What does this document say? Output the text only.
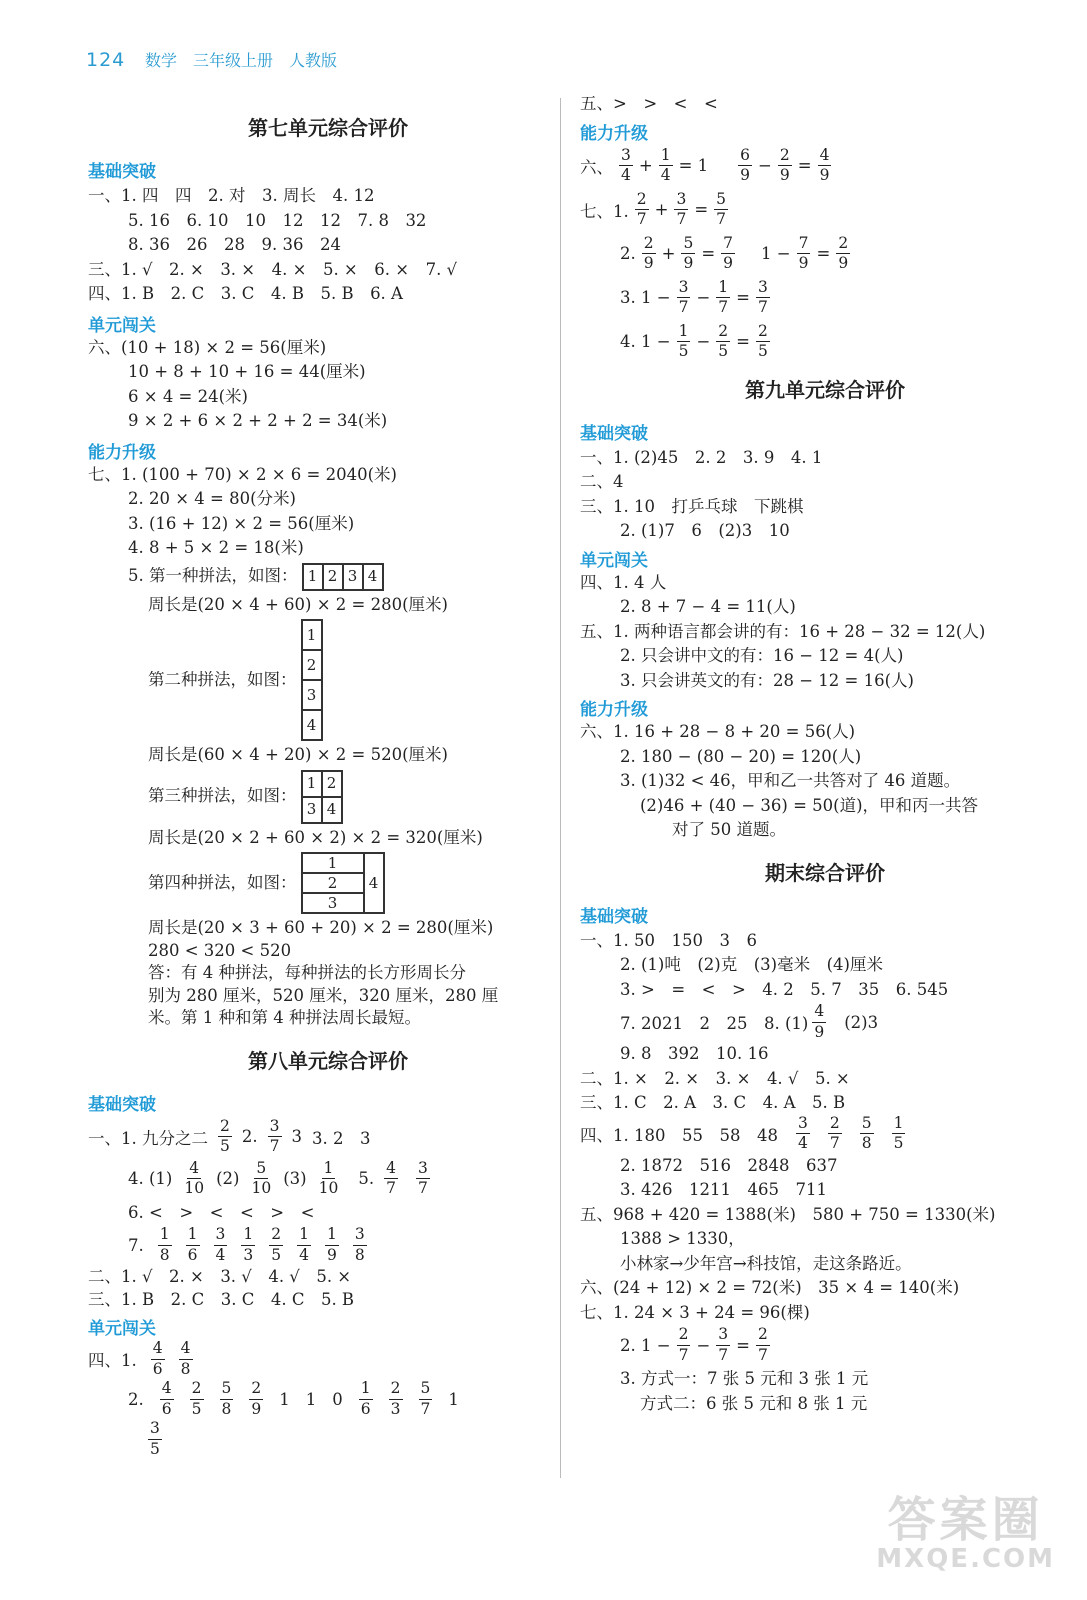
124 数学　三年级上册　人教版
第七单元综合评价
基础突破
一、1. 四　四　2. 对　3. 周长　4. 12
5. 16　6. 10　10　12　12　7. 8　32
8. 36　26　28　9. 36　24
三、1. √　2. ×　3. ×　4. ×　5. ×　6. ×　7. √
四、1. B　2. C　3. C　4. B　5. B　6. A
单元闯关
六、(10 + 18) × 2 = 56(厘米)
10 + 8 + 10 + 16 = 44(厘米)
6 × 4 = 24(米)
9 × 2 + 6 × 2 + 2 + 2 = 34(米)
能力升级
七、1. (100 + 70) × 2 × 6 = 2040(米)
2. 20 × 4 = 80(分米)
3. (16 + 12) × 2 = 56(厘米)
4. 8 + 5 × 2 = 18(米)
5. 第一种拼法，如图： 1 2 3 4
周长是(20 × 4 + 60) × 2 = 280(厘米)
第二种拼法，如图：
1
2
3
4
周长是(60 × 4 + 20) × 2 = 520(厘米)
第三种拼法，如图：
1 2
3 4
周长是(20 × 2 + 60 × 2) × 2 = 320(厘米)
第四种拼法，如图：
1
4
2
3
周长是(20 × 3 + 60 + 20) × 2 = 280(厘米)
280 < 320 < 520
答：有 4 种拼法，每种拼法的长方形周长分
别为 280 厘米，520 厘米，320 厘米，280 厘
米。第 1 种和第 4 种拼法周长最短。
第八单元综合评价
基础突破
一、1. 九分之二 $\frac{2}{5} 2$. $\frac{3}{7} 3$ 3. 2　3
4. $(1) \frac{4}{10} (2) \frac{5}{10} (3) \frac{1}{10} 5$. $\frac{4}{7} \frac{3}{7}$
6. <　>　<　<　>　<
7. $\frac{1}{8} \frac{1}{6} \frac{3}{4} \frac{1}{3} \frac{2}{5} \frac{1}{4} \frac{1}{9} \frac{3}{8}$
二、1. √　2. ×　3. √　4. √　5. ×
三、1. B　2. C　3. C　4. C　5. B
单元闯关
四、1. $\frac{4}{6} \frac{4}{8}$
2. $\frac{4}{6} \frac{2}{5} \frac{5}{8} \frac{2}{9} 1$ 1 $0 \frac{1}{6} \frac{2}{3} \frac{5}{7} 1$
$\frac{3}{5}$
五、>　>　<　<
能力升级
六、 $\frac{3}{4} + \frac{1}{4} = 1 \frac{6}{9} - \frac{2}{9} = \frac{4}{9}$
七、1. $\frac{2}{7} + \frac{3}{7} = \frac{5}{7}$
2. $\frac{2}{9} + \frac{5}{9} = \frac{7}{9} 1 - \frac{7}{9} = \frac{2}{9}$
3. $1 - \frac{3}{7} - \frac{1}{7} = \frac{3}{7}$
4. $1 - \frac{1}{5} - \frac{2}{5} = \frac{2}{5}$
第九单元综合评价
基础突破
一、1. (2)45　2. 2　3. 9　4. 1
二、4
三、1. 10　打乒乓球　下跳棋
2. (1)7　6　(2)3　10
单元闯关
四、1. 4 人
2. 8 + 7 − 4 = 11(人)
五、1. 两种语言都会讲的有：16 + 28 − 32 = 12(人)
2. 只会讲中文的有：16 − 12 = 4(人)
3. 只会讲英文的有：28 − 12 = 16(人)
能力升级
六、1. 16 + 28 − 8 + 20 = 56(人)
2. 180 − (80 − 20) = 120(人)
3. (1)32 < 46，甲和乙一共答对了 46 道题。
(2)46 + (40 − 36) = 50(道)，甲和丙一共答
对了 50 道题。
期末综合评价
基础突破
一、1. 50　150　3　6
2. (1)吨　(2)克　(3)毫米　(4)厘米
3. >　=　<　>　4. 2　5. 7　35　6. 545
7. 2021　2　25　8. $(1) \frac{4}{9} (2)3$
9. 8　392　10. 16
二、1. ×　2. ×　3. ×　4. √　5. ×
三、1. C　2. A　3. C　4. A　5. B
四、1. 180　55　58　$48 \frac{3}{4} \frac{2}{7} \frac{5}{8} \frac{1}{5}$
2. 1872　516　2848　637
3. 426　1211　465　711
五、968 + 420 = 1388(米)　580 + 750 = 1330(米)
1388 > 1330，
小林家→少年宫→科技馆，走这条路近。
六、(24 + 12) × 2 = 72(米)　35 × 4 = 140(米)
七、1. 24 × 3 + 24 = 96(棵)
2. $1 - \frac{2}{7} - \frac{3}{7} = \frac{2}{7}$
3. 方式一：7 张 5 元和 3 张 1 元
方式二：6 张 5 元和 8 张 1 元
答案圈
MXQE.COM
